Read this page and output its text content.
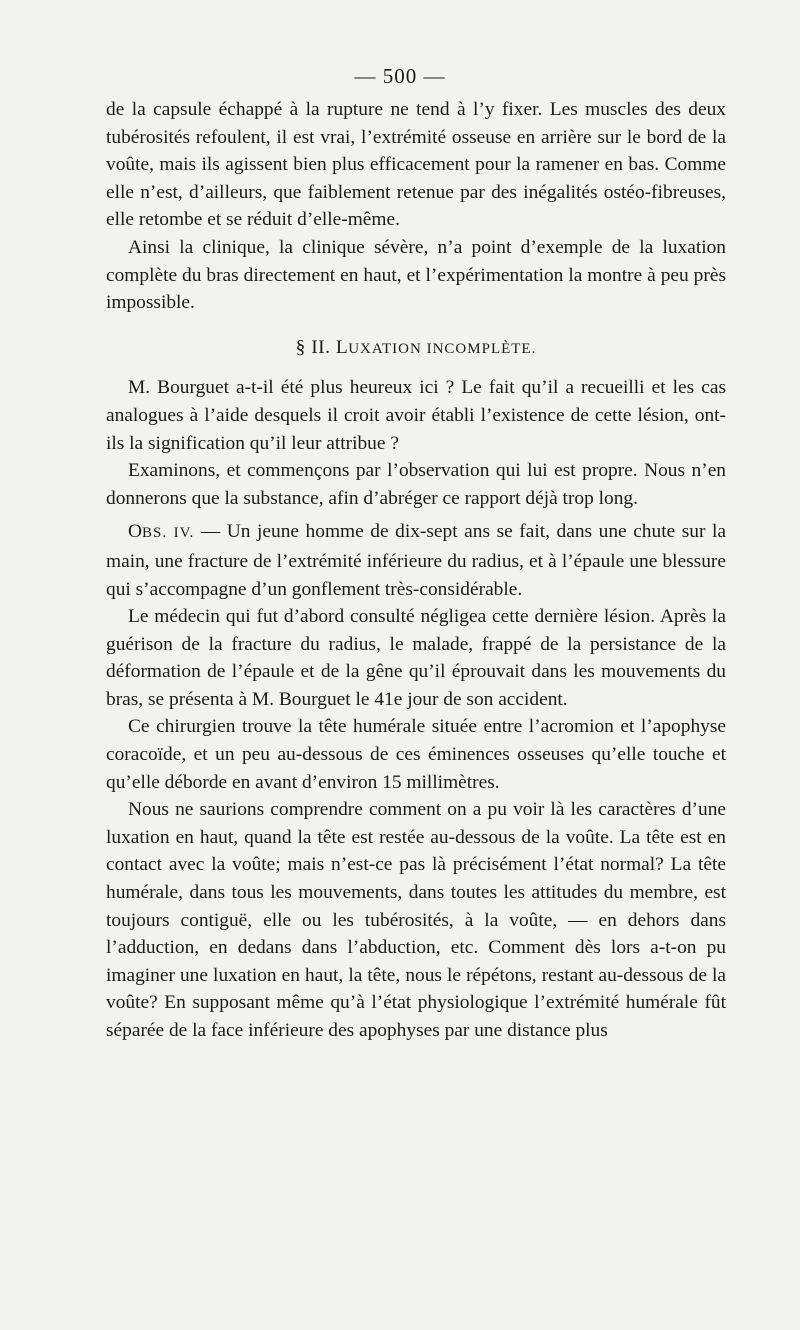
— 500 —

de la capsule échappé à la rupture ne tend à l’y fixer. Les muscles des deux tubérosités refoulent, il est vrai, l’extrémité osseuse en arrière sur le bord de la voûte, mais ils agissent bien plus efficacement pour la ramener en bas. Comme elle n’est, d’ailleurs, que faiblement retenue par des inégalités ostéo-fibreuses, elle retombe et se réduit d’elle-même.

Ainsi la clinique, la clinique sévère, n’a point d’exemple de la luxation complète du bras directement en haut, et l’expérimentation la montre à peu près impossible.

§ II. LUXATION INCOMPLÈTE.

M. Bourguet a-t-il été plus heureux ici ? Le fait qu’il a recueilli et les cas analogues à l’aide desquels il croit avoir établi l’existence de cette lésion, ont-ils la signification qu’il leur attribue ?

Examinons, et commençons par l’observation qui lui est propre. Nous n’en donnerons que la substance, afin d’abréger ce rapport déjà trop long.

OBS. IV. — Un jeune homme de dix-sept ans se fait, dans une chute sur la main, une fracture de l’extrémité inférieure du radius, et à l’épaule une blessure qui s’accompagne d’un gonflement très-considérable.

Le médecin qui fut d’abord consulté négligea cette dernière lésion. Après la guérison de la fracture du radius, le malade, frappé de la persistance de la déformation de l’épaule et de la gêne qu’il éprouvait dans les mouvements du bras, se présenta à M. Bourguet le 41e jour de son accident.

Ce chirurgien trouve la tête humérale située entre l’acromion et l’apophyse coracoïde, et un peu au-dessous de ces éminences osseuses qu’elle touche et qu’elle déborde en avant d’environ 15 millimètres.

Nous ne saurions comprendre comment on a pu voir là les caractères d’une luxation en haut, quand la tête est restée au-dessous de la voûte. La tête est en contact avec la voûte; mais n’est-ce pas là précisément l’état normal? La tête humérale, dans tous les mouvements, dans toutes les attitudes du membre, est toujours contiguë, elle ou les tubérosités, à la voûte, — en dehors dans l’adduction, en dedans dans l’abduction, etc. Comment dès lors a-t-on pu imaginer une luxation en haut, la tête, nous le répétons, restant au-dessous de la voûte? En supposant même qu’à l’état physiologique l’extrémité humérale fût séparée de la face inférieure des apophyses par une distance plus
